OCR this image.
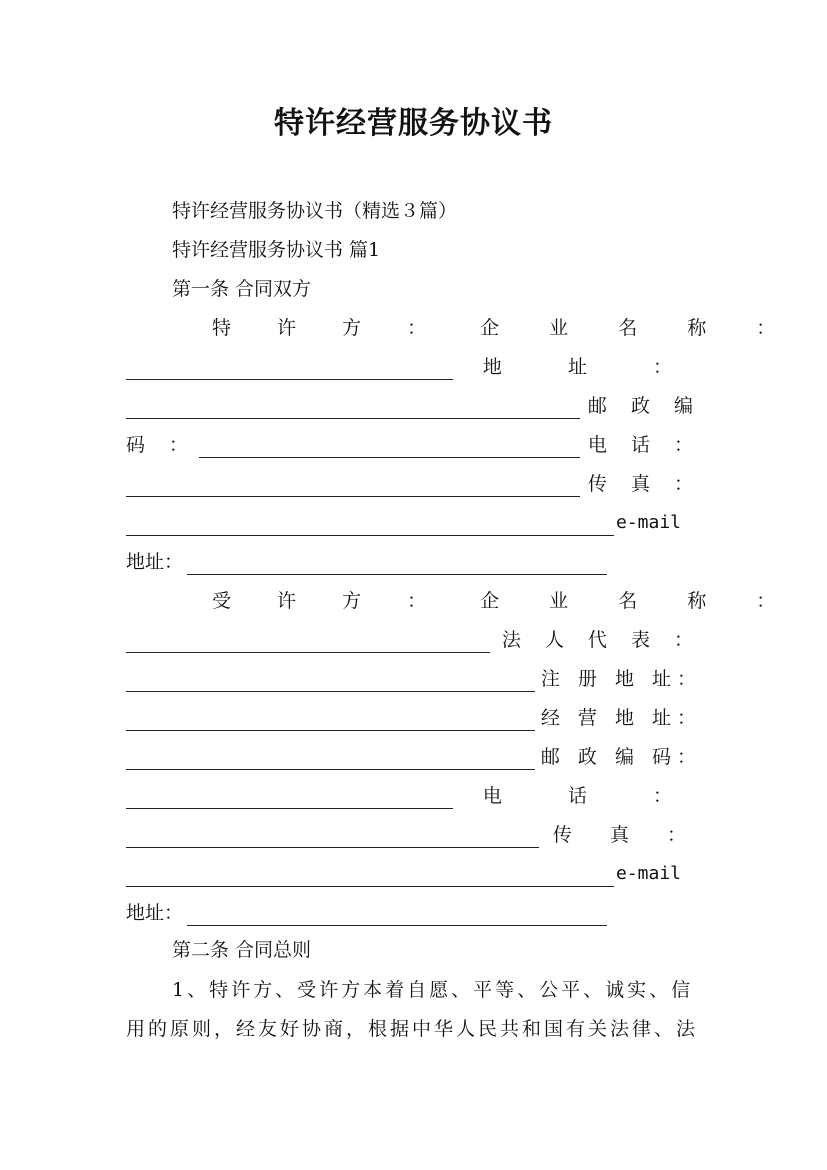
特许经营服务协议书
特许经营服务协议书（精选３篇）
特许经营服务协议书 篇1
第一条 合同双方
特 许 方 ： 企 业 名 称 ：
地 址 ：
邮 政 编
码 ：	电 话 ：
传 真 ：
e-mail
地址：
受 许 方 ： 企 业 名 称 ：
法 人 代 表 ：
注 册 地 址：
经 营 地 址：
邮 政 编 码：
电 话 ：
传 真 ：
e-mail
地址：
第二条 合同总则
1、特许方、受许方本着自愿、平等、公平、诚实、信
用的原则，经友好协商，根据中华人民共和国有关法律、法
